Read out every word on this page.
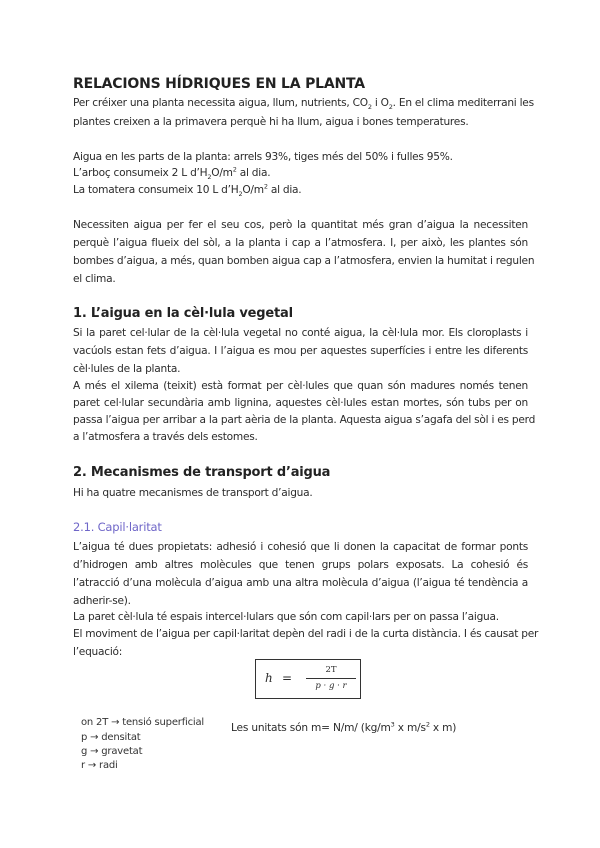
RELACIONS HÍDRIQUES EN LA PLANTA
Per créixer una planta necessita aigua, llum, nutrients, $CO_2$ i $O_2$. En el clima mediterrani les
plantes creixen a la primavera perquè hi ha llum, aigua i bones temperatures.
Aigua en les parts de la planta: arrels 93%, tiges més del 50% i fulles 95%.
L’arboç consumeix 2 L $d’H_2O/m^2$ al dia.
La tomatera consumeix 10 L $d’H_2O/m^2$ al dia.
Necessiten aigua per fer el seu cos, però la quantitat més gran d’aigua la necessiten
perquè l’aigua flueix del sòl, a la planta i cap a l’atmosfera. I, per això, les plantes són
bombes d’aigua, a més, quan bomben aigua cap a l’atmosfera, envien la humitat i regulen
el clima.
1. L’aigua en la cèl·lula vegetal
Si la paret cel·lular de la cèl·lula vegetal no conté aigua, la cèl·lula mor. Els cloroplasts i
vacúols estan fets d’aigua. I l’aigua es mou per aquestes superfícies i entre les diferents
cèl·lules de la planta.
A més el xilema (teixit) està format per cèl·lules que quan són madures només tenen
paret cel·lular secundària amb lignina, aquestes cèl·lules estan mortes, són tubs per on
passa l’aigua per arribar a la part aèria de la planta. Aquesta aigua s’agafa del sòl i es perd
a l’atmosfera a través dels estomes.
2. Mecanismes de transport d’aigua
Hi ha quatre mecanismes de transport d’aigua.
2.1. Capil·laritat
L’aigua té dues propietats: adhesió i cohesió que li donen la capacitat de formar ponts
d’hidrogen amb altres molècules que tenen grups polars exposats. La cohesió és
l’atracció d’una molècula d’aigua amb una altra molècula d’aigua (l’aigua té tendència a
adherir-se).
La paret cèl·lula té espais intercel·lulars que són com capil·lars per on passa l’aigua.
El moviment de l’aigua per capil·laritat depèn del radi i de la curta distància. I és causat per
l’equació:
h =
2T
p · g · r
on 2T → tensió superficial
p → densitat
g → gravetat
r → radi
Les unitats són m= N/m/ ($kg/m^3$ x $m/s^2$ x m)
